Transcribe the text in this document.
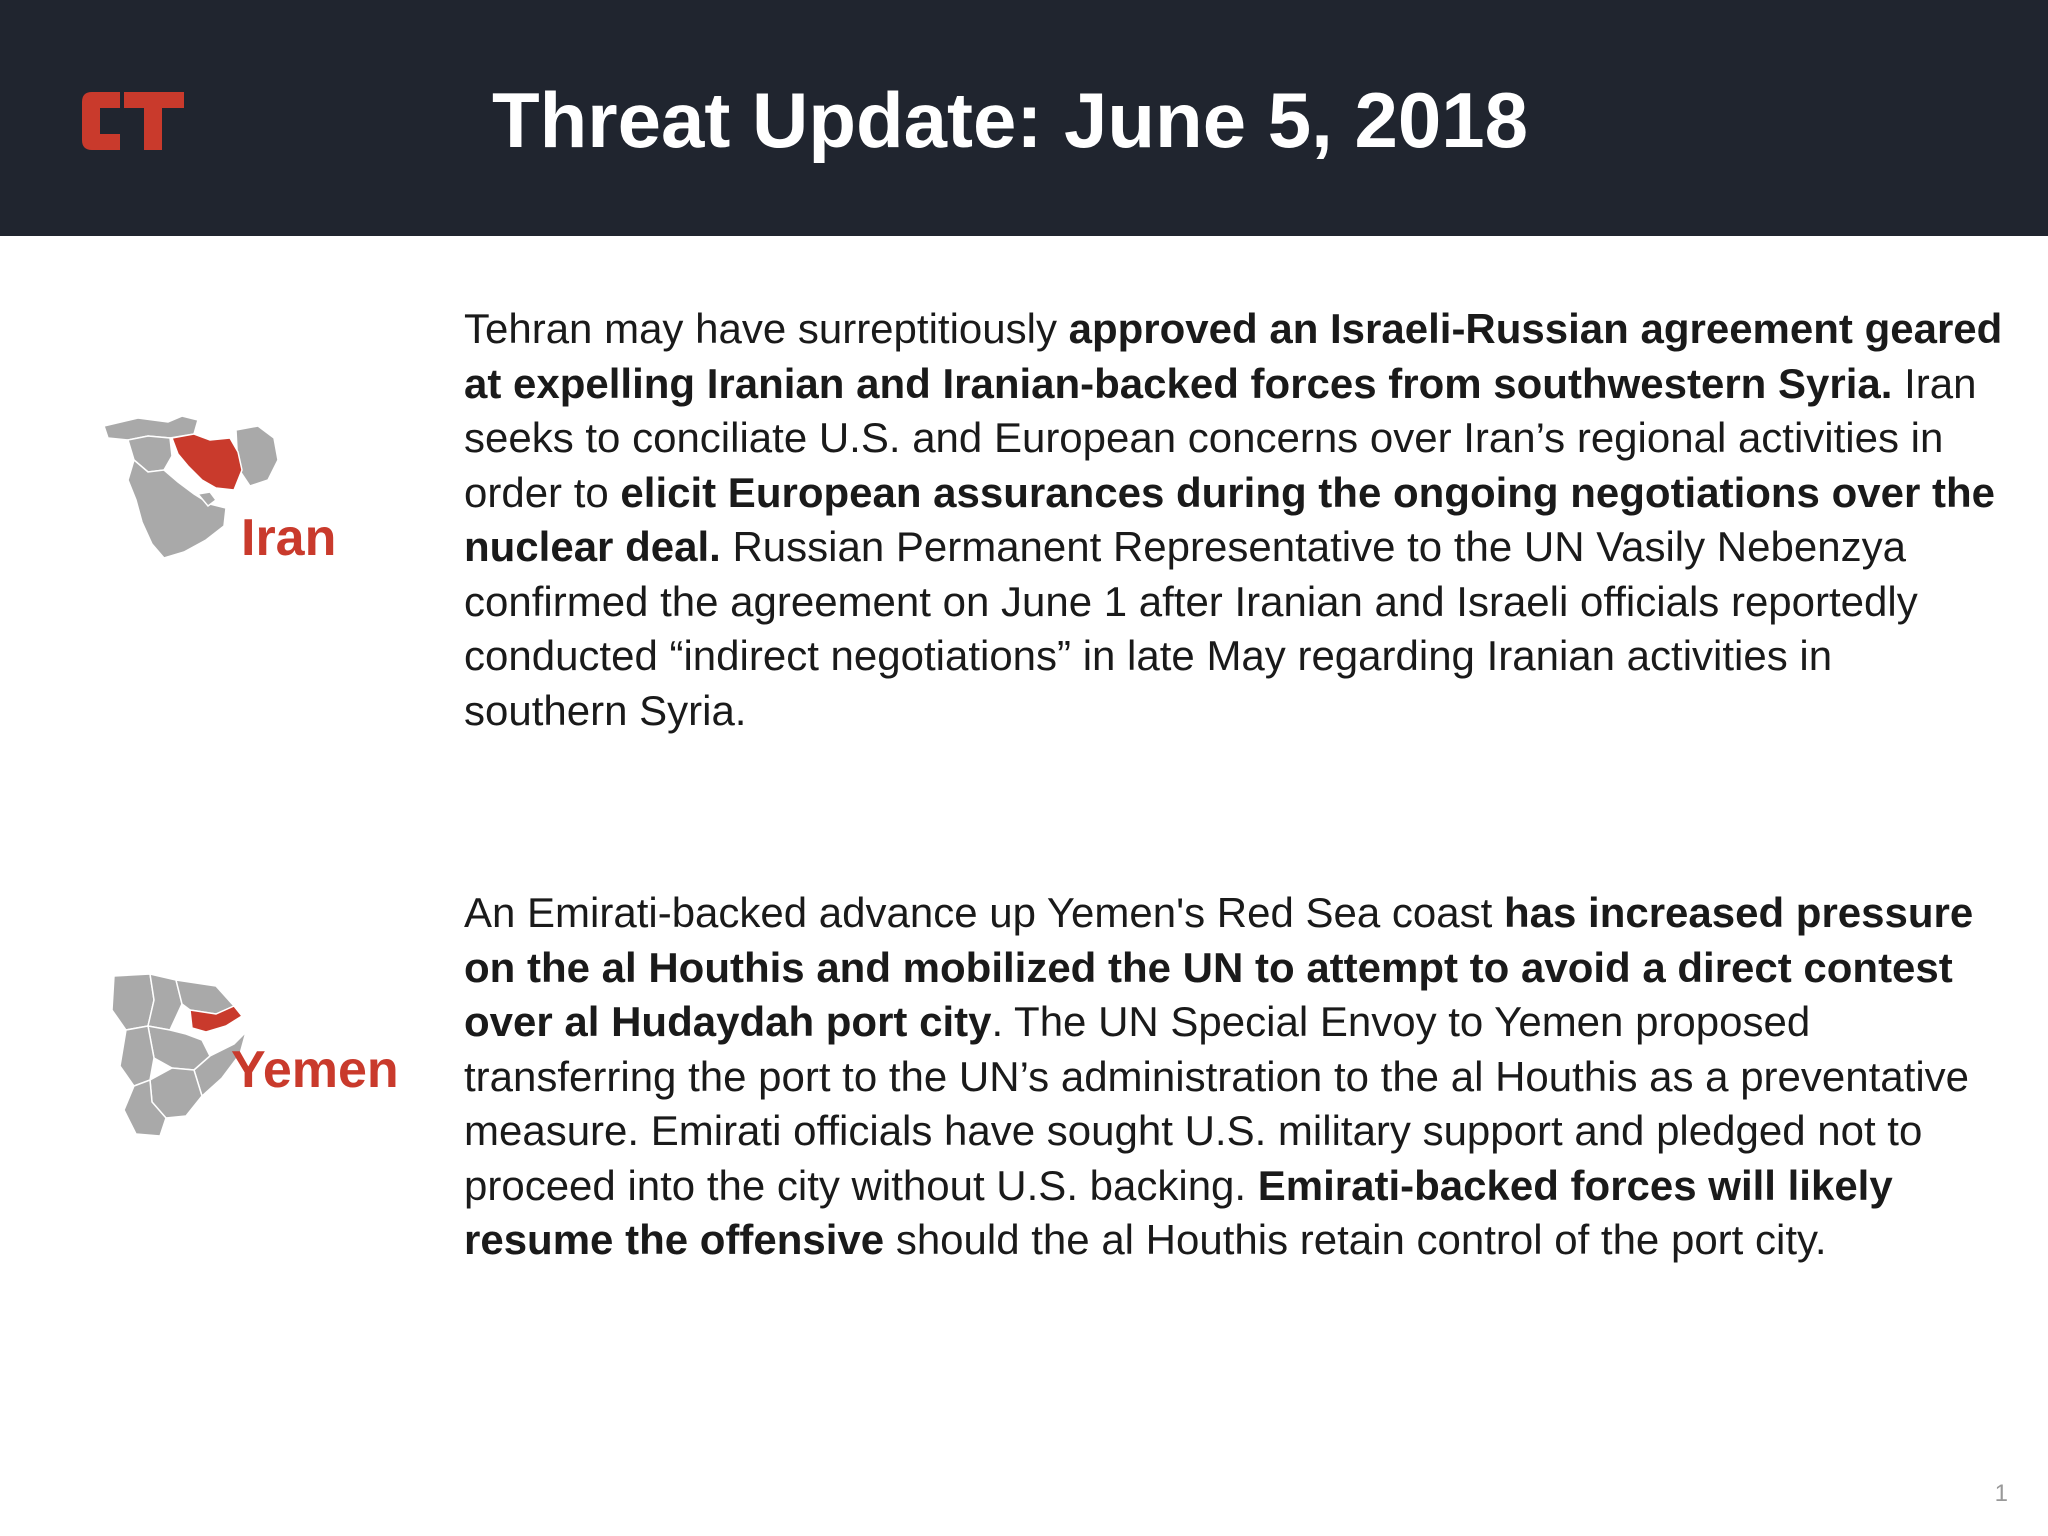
Threat Update: June 5, 2018
Iran
Tehran may have surreptitiously approved an Israeli-Russian agreement geared at expelling Iranian and Iranian-backed forces from southwestern Syria. Iran seeks to conciliate U.S. and European concerns over Iran’s regional activities in order to elicit European assurances during the ongoing negotiations over the nuclear deal. Russian Permanent Representative to the UN Vasily Nebenzya confirmed the agreement on June 1 after Iranian and Israeli officials reportedly conducted “indirect negotiations” in late May regarding Iranian activities in southern Syria.
Yemen
An Emirati-backed advance up Yemen's Red Sea coast has increased pressure on the al Houthis and mobilized the UN to attempt to avoid a direct contest over al Hudaydah port city. The UN Special Envoy to Yemen proposed transferring the port to the UN’s administration to the al Houthis as a preventative measure. Emirati officials have sought U.S. military support and pledged not to proceed into the city without U.S. backing. Emirati-backed forces will likely resume the offensive should the al Houthis retain control of the port city.
1
